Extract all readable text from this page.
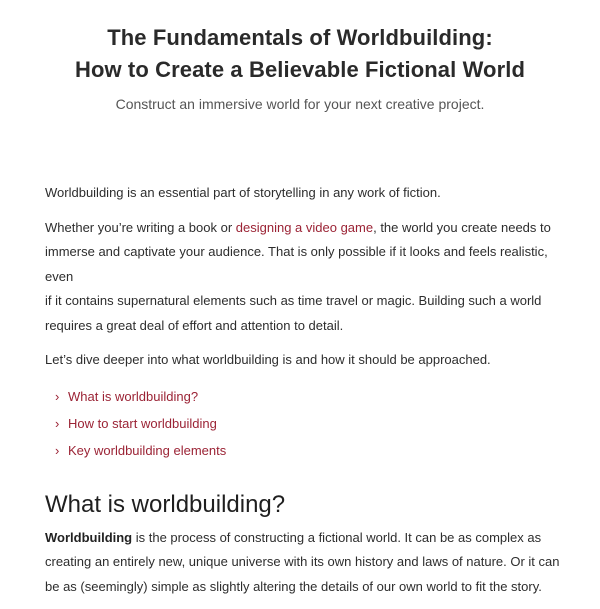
The Fundamentals of Worldbuilding:
How to Create a Believable Fictional World

Construct an immersive world for your next creative project.

Worldbuilding is an essential part of storytelling in any work of fiction.

Whether you’re writing a book or designing a video game, the world you create needs to
immerse and captivate your audience. That is only possible if it looks and feels realistic, even
if it contains supernatural elements such as time travel or magic. Building such a world
requires a great deal of effort and attention to detail.

Let’s dive deeper into what worldbuilding is and how it should be approached.

› What is worldbuilding?
› How to start worldbuilding
› Key worldbuilding elements
What is worldbuilding?

Worldbuilding is the process of constructing a fictional world. It can be as complex as
creating an entirely new, unique universe with its own history and laws of nature. Or it can
be as (seemingly) simple as slightly altering the details of our own world to fit the story.
